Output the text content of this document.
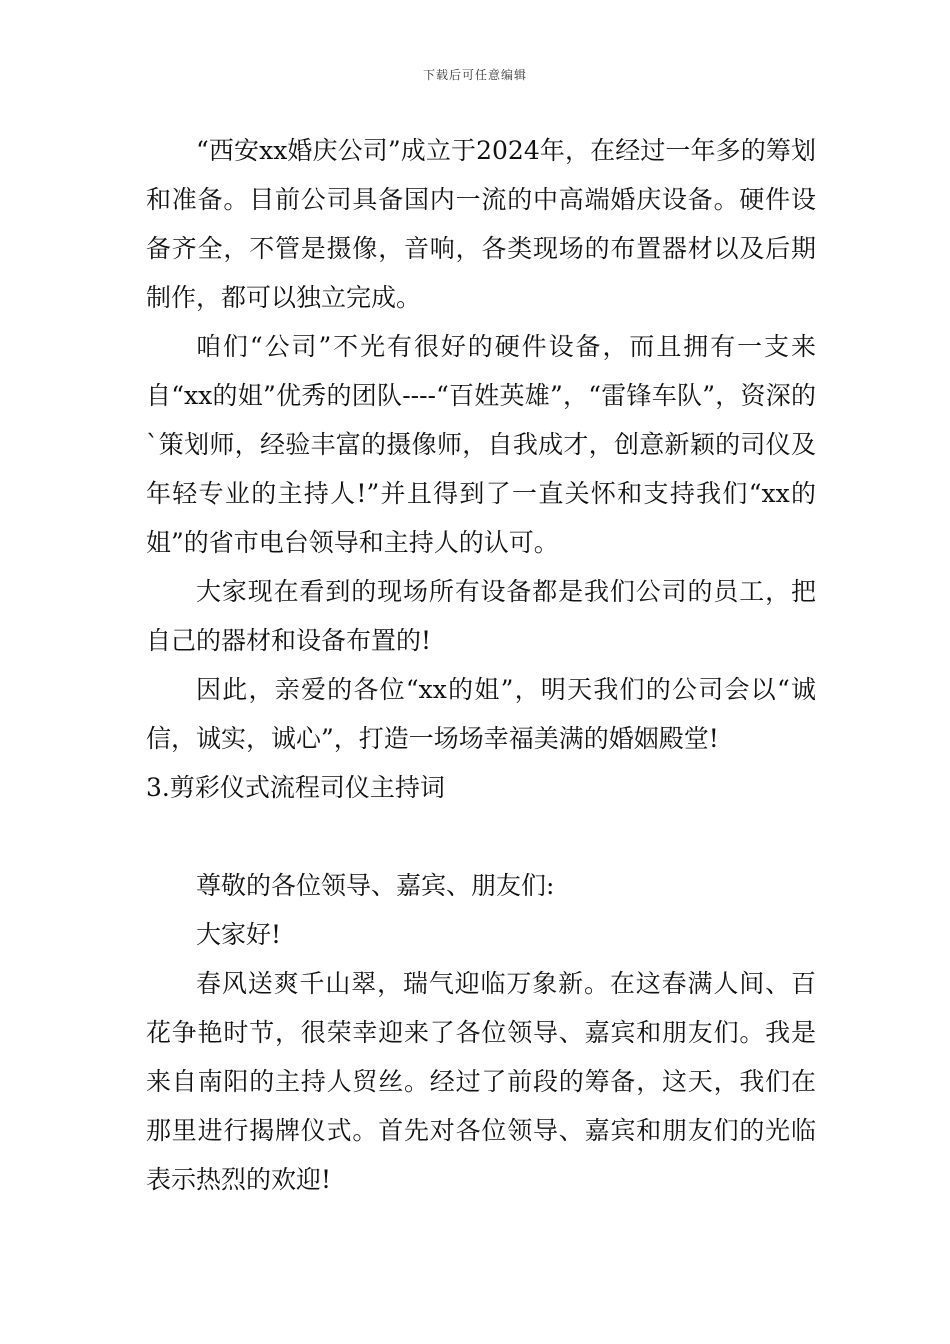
下载后可任意编辑

“西安xx婚庆公司”成立于2024年，在经过一年多的筹划和准备。目前公司具备国内一流的中高端婚庆设备。硬件设备齐全，不管是摄像，音响，各类现场的布置器材以及后期制作，都可以独立完成。

咱们“公司”不光有很好的硬件设备，而且拥有一支来自“xx的姐”优秀的团队----“百姓英雄”，“雷锋车队”，资深的`策划师，经验丰富的摄像师，自我成才，创意新颖的司仪及年轻专业的主持人!”并且得到了一直关怀和支持我们“xx的姐”的省市电台领导和主持人的认可。

大家现在看到的现场所有设备都是我们公司的员工，把自己的器材和设备布置的!

因此，亲爱的各位“xx的姐”，明天我们的公司会以“诚信，诚实，诚心”，打造一场场幸福美满的婚姻殿堂!

3.剪彩仪式流程司仪主持词

尊敬的各位领导、嘉宾、朋友们:

大家好!

春风送爽千山翠，瑞气迎临万象新。在这春满人间、百花争艳时节，很荣幸迎来了各位领导、嘉宾和朋友们。我是来自南阳的主持人贸丝。经过了前段的筹备，这天，我们在那里进行揭牌仪式。首先对各位领导、嘉宾和朋友们的光临表示热烈的欢迎!
